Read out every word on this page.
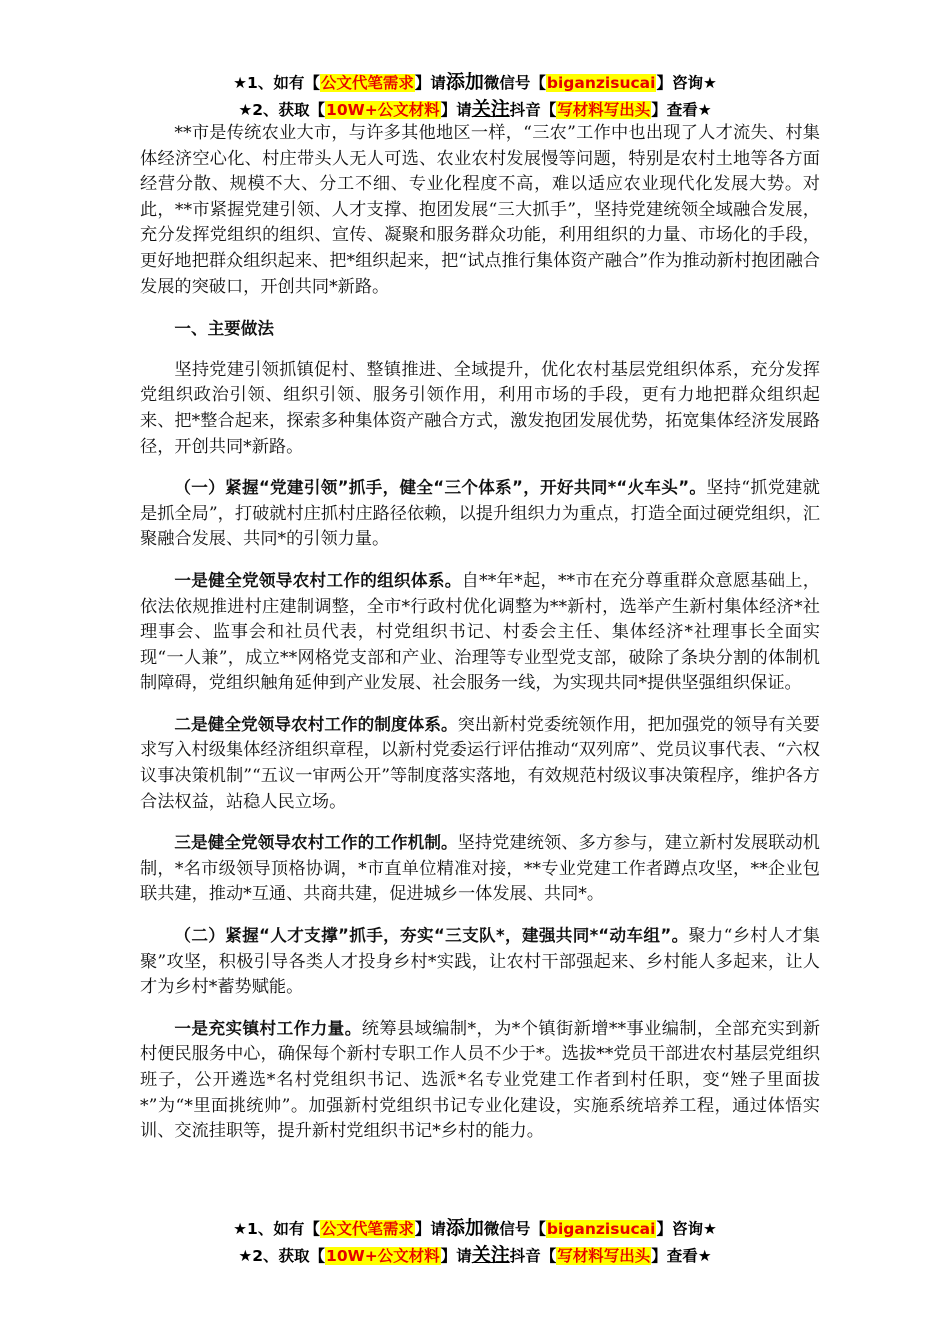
★1、如有【公文代笔需求】请添加微信号【biganzisucai】咨询★
★2、获取【10W+公文材料】请关注抖音【写材料写出头】查看★

**市是传统农业大市，与许多其他地区一样，“三农”工作中也出现了人才流失、村集体经济空心化、村庄带头人无人可选、农业农村发展慢等问题，特别是农村土地等各方面经营分散、规模不大、分工不细、专业化程度不高，难以适应农业现代化发展大势。对此，**市紧握党建引领、人才支撑、抱团发展“三大抓手”，坚持党建统领全域融合发展，充分发挥党组织的组织、宣传、凝聚和服务群众功能，利用组织的力量、市场化的手段，更好地把群众组织起来、把*组织起来，把“试点推行集体资产融合”作为推动新村抱团融合发展的突破口，开创共同*新路。

一、主要做法

坚持党建引领抓镇促村、整镇推进、全域提升，优化农村基层党组织体系，充分发挥党组织政治引领、组织引领、服务引领作用，利用市场的手段，更有力地把群众组织起来、把*整合起来，探索多种集体资产融合方式，激发抱团发展优势，拓宽集体经济发展路径，开创共同*新路。

（一）紧握“党建引领”抓手，健全“三个体系”，开好共同*“火车头”。坚持“抓党建就是抓全局”，打破就村庄抓村庄路径依赖，以提升组织力为重点，打造全面过硬党组织，汇聚融合发展、共同*的引领力量。

一是健全党领导农村工作的组织体系。自**年*起，**市在充分尊重群众意愿基础上，依法依规推进村庄建制调整，全市*行政村优化调整为**新村，选举产生新村集体经济*社理事会、监事会和社员代表，村党组织书记、村委会主任、集体经济*社理事长全面实现“一人兼”，成立**网格党支部和产业、治理等专业型党支部，破除了条块分割的体制机制障碍，党组织触角延伸到产业发展、社会服务一线，为实现共同*提供坚强组织保证。

二是健全党领导农村工作的制度体系。突出新村党委统领作用，把加强党的领导有关要求写入村级集体经济组织章程，以新村党委运行评估推动“双列席”、党员议事代表、“六权议事决策机制”“五议一审两公开”等制度落实落地，有效规范村级议事决策程序，维护各方合法权益，站稳人民立场。

三是健全党领导农村工作的工作机制。坚持党建统领、多方参与，建立新村发展联动机制，*名市级领导顶格协调，*市直单位精准对接，**专业党建工作者蹲点攻坚，**企业包联共建，推动*互通、共商共建，促进城乡一体发展、共同*。

（二）紧握“人才支撑”抓手，夯实“三支队*，建强共同*“动车组”。聚力“乡村人才集聚”攻坚，积极引导各类人才投身乡村*实践，让农村干部强起来、乡村能人多起来，让人才为乡村*蓄势赋能。

一是充实镇村工作力量。统筹县域编制*，为*个镇街新增**事业编制，全部充实到新村便民服务中心，确保每个新村专职工作人员不少于*。选拔**党员干部进农村基层党组织班子，公开遴选*名村党组织书记、选派*名专业党建工作者到村任职，变“矬子里面拔*”为“*里面挑统帅”。加强新村党组织书记专业化建设，实施系统培养工程，通过体悟实训、交流挂职等，提升新村党组织书记*乡村的能力。

★1、如有【公文代笔需求】请添加微信号【biganzisucai】咨询★
★2、获取【10W+公文材料】请关注抖音【写材料写出头】查看★
